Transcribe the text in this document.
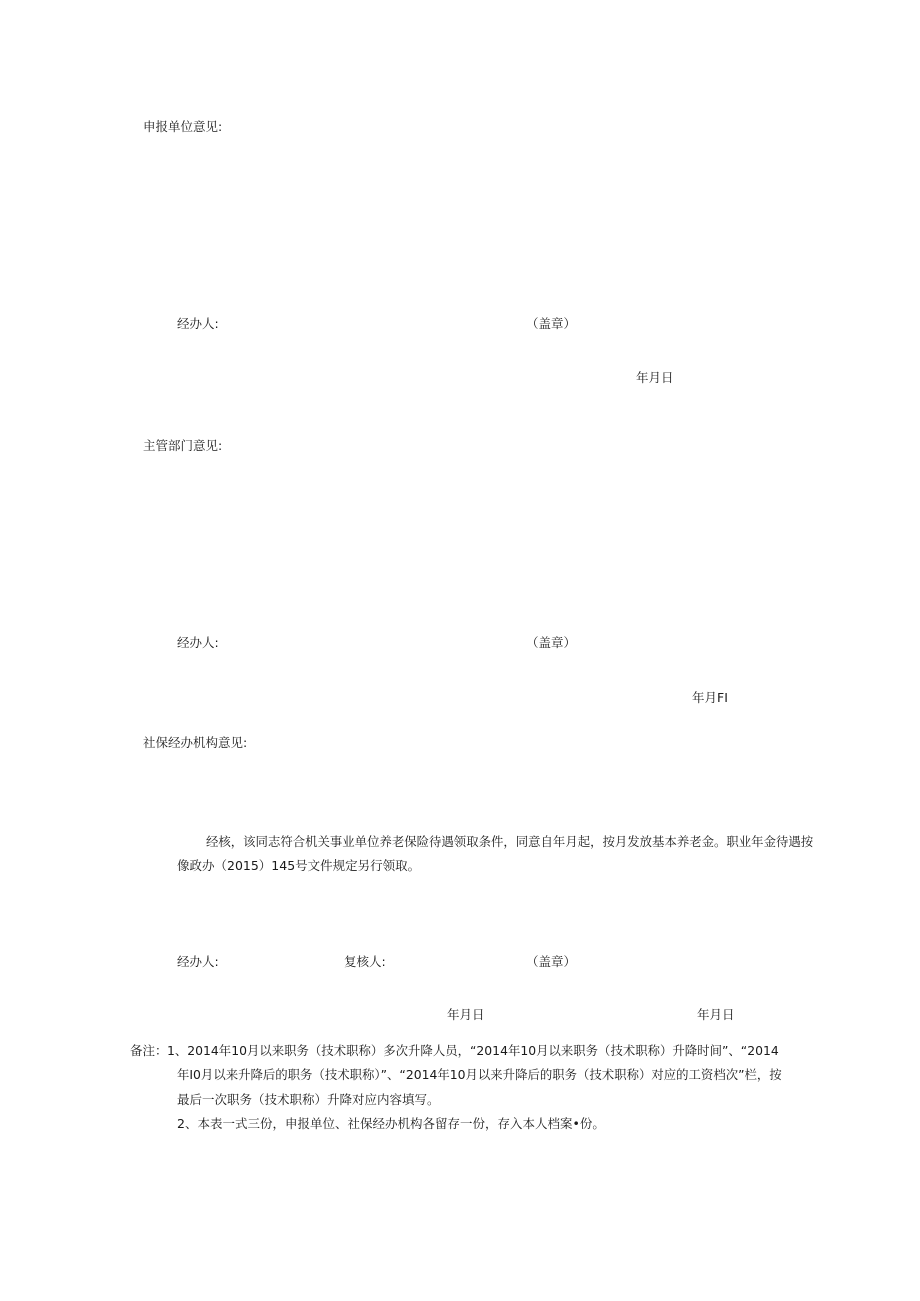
申报单位意见:
经办人:	（盖章）
年月日
主管部门意见:
经办人:	（盖章）
年月FI
社保经办机构意见:
经核，该同志符合机关事业单位养老保险待遇领取条件，同意自年月起，按月发放基本养老金。职业年金待遇按
像政办（2015）145号文件规定另行领取。
经办人:	复核人:	（盖章）
年月日	年月日
备注： 1、2014年10月以来职务（技术职称）多次升降人员，“2014年10月以来职务（技术职称）升降时间”、“2014
年I0月以来升降后的职务（技术职称）”、“2014年10月以来升降后的职务（技术职称）对应的工资档次”栏，按
最后一次职务（技术职称）升降对应内容填写。
2、本表一式三份，申报单位、社保经办机构各留存一份，存入本人档案•份。
